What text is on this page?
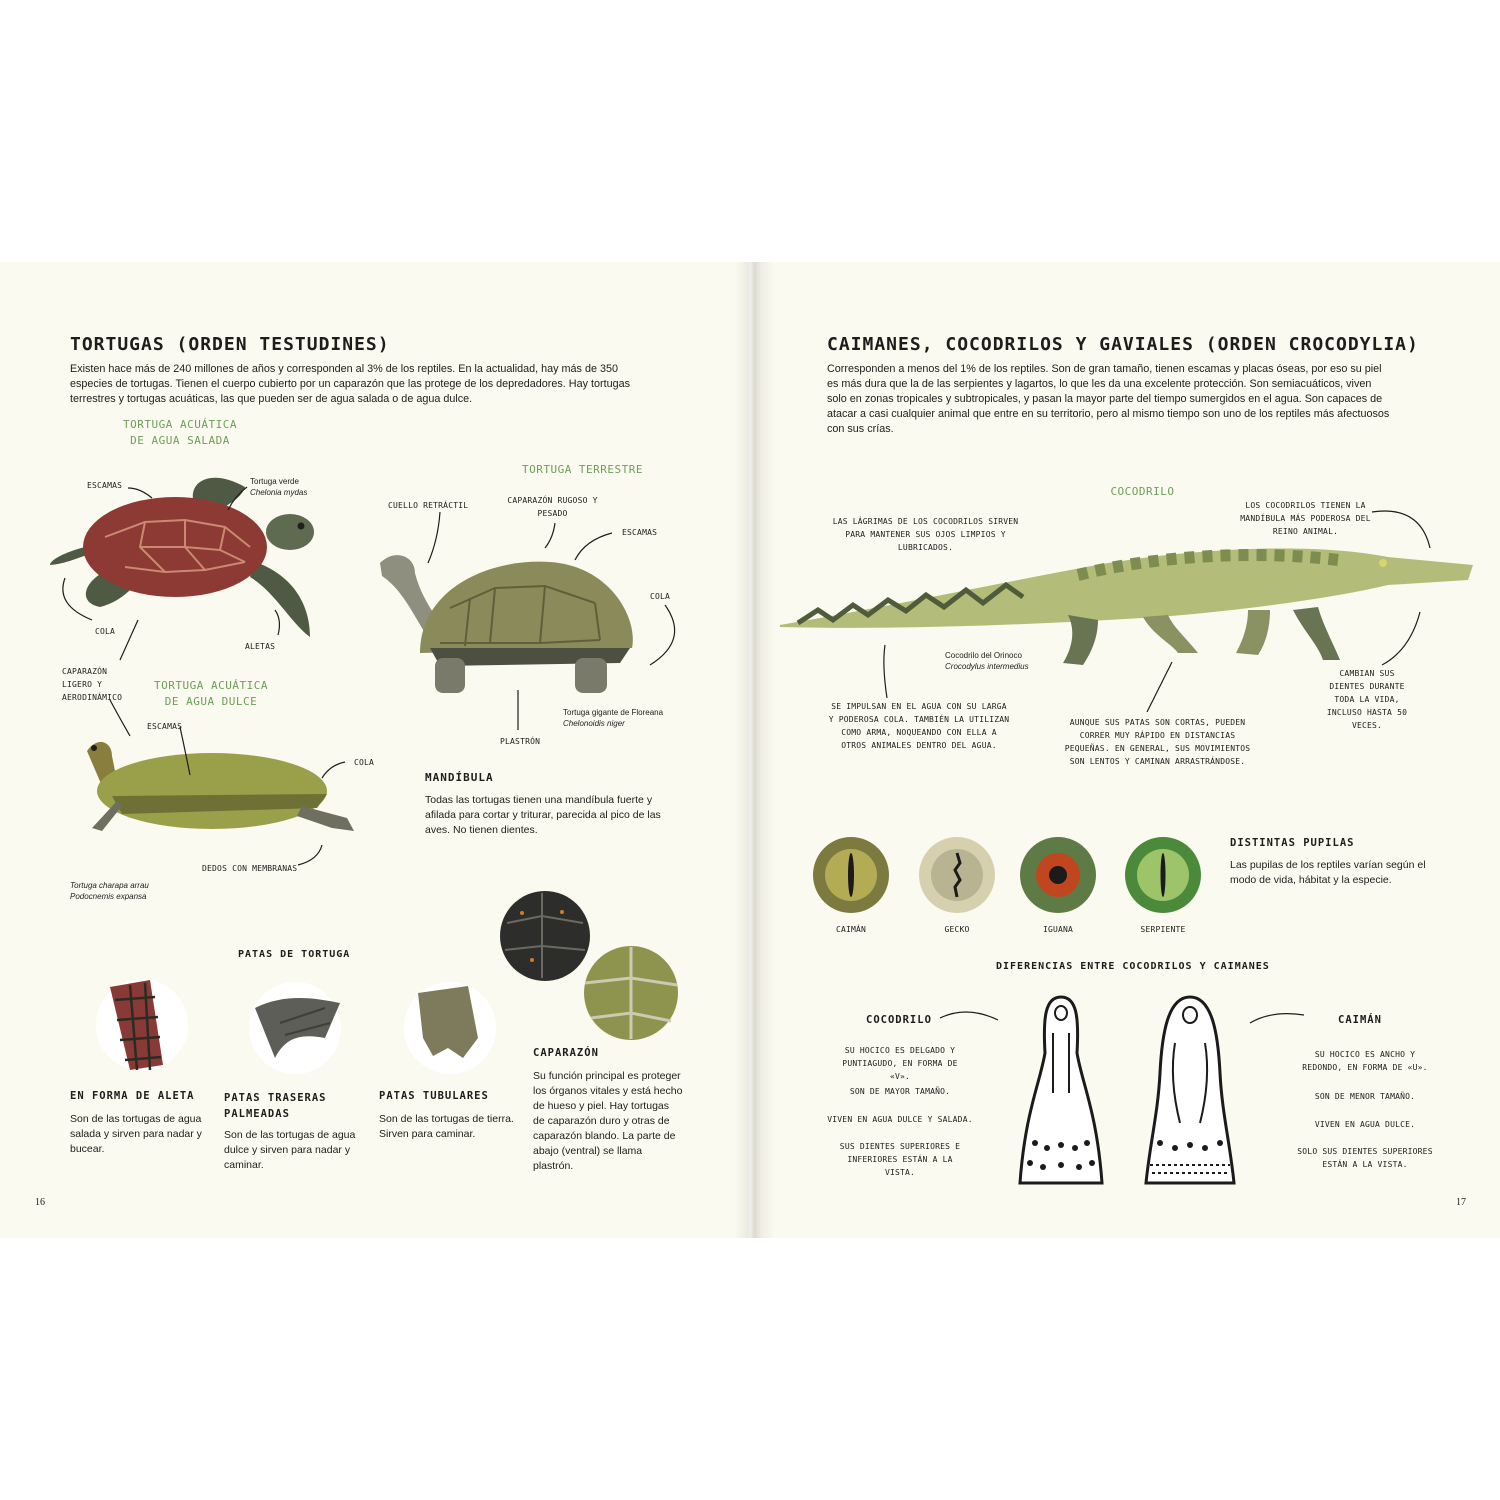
TORTUGAS (ORDEN TESTUDINES)
Existen hace más de 240 millones de años y corresponden al 3% de los reptiles. En la actualidad, hay más de 350 especies de tortugas. Tienen el cuerpo cubierto por un caparazón que las protege de los depredadores. Hay tortugas terrestres y tortugas acuáticas, las que pueden ser de agua salada o de agua dulce.
TORTUGA ACUÁTICA DE AGUA SALADA
ESCAMAS	Tortuga verde
Chelonia mydas
COLA
ALETAS
CAPARAZÓN LIGERO Y AERODINÁMICO
TORTUGA TERRESTRE
CUELLO RETRÁCTIL
CAPARAZÓN RUGOSO Y PESADO
ESCAMAS
COLA
PLASTRÓN
Tortuga gigante de Floreana
Chelonoidis niger
TORTUGA ACUÁTICA DE AGUA DULCE
ESCAMAS
COLA
DEDOS CON MEMBRANAS
Tortuga charapa arrau
Podocnemis expansa
MANDÍBULA
Todas las tortugas tienen una mandíbula fuerte y afilada para cortar y triturar, parecida al pico de las aves. No tienen dientes.
PATAS DE TORTUGA
EN FORMA DE ALETA
Son de las tortugas de agua salada y sirven para nadar y bucear.
PATAS TRASERAS PALMEADAS
Son de las tortugas de agua dulce y sirven para nadar y caminar.
PATAS TUBULARES
Son de las tortugas de tierra. Sirven para caminar.
CAPARAZÓN
Su función principal es proteger los órganos vitales y está hecho de hueso y piel. Hay tortugas de caparazón duro y otras de caparazón blando. La parte de abajo (ventral) se llama plastrón.
16
CAIMANES, COCODRILOS Y GAVIALES (ORDEN CROCODYLIA)
Corresponden a menos del 1% de los reptiles. Son de gran tamaño, tienen escamas y placas óseas, por eso su piel es más dura que la de las serpientes y lagartos, lo que les da una excelente protección. Son semiacuáticos, viven solo en zonas tropicales y subtropicales, y pasan la mayor parte del tiempo sumergidos en el agua. Son capaces de atacar a casi cualquier animal que entre en su territorio, pero al mismo tiempo son uno de los reptiles más afectuosos con sus crías.
COCODRILO
LAS LÁGRIMAS DE LOS COCODRILOS SIRVEN PARA MANTENER SUS OJOS LIMPIOS Y LUBRICADOS.
LOS COCODRILOS TIENEN LA MANDÍBULA MÁS PODEROSA DEL REINO ANIMAL.
Cocodrilo del Orinoco
Crocodylus intermedius
SE IMPULSAN EN EL AGUA CON SU LARGA Y PODEROSA COLA. TAMBIÉN LA UTILIZAN COMO ARMA, NOQUEANDO CON ELLA A OTROS ANIMALES DENTRO DEL AGUA.
AUNQUE SUS PATAS SON CORTAS, PUEDEN CORRER MUY RÁPIDO EN DISTANCIAS PEQUEÑAS. EN GENERAL, SUS MOVIMIENTOS SON LENTOS Y CAMINAN ARRASTRÁNDOSE.
CAMBIAN SUS DIENTES DURANTE TODA LA VIDA, INCLUSO HASTA 50 VECES.
CAIMÁN	GECKO	IGUANA	SERPIENTE
DISTINTAS PUPILAS
Las pupilas de los reptiles varían según el modo de vida, hábitat y la especie.
DIFERENCIAS ENTRE COCODRILOS Y CAIMANES
COCODRILO
SU HOCICO ES DELGADO Y PUNTIAGUDO, EN FORMA DE «V».
SON DE MAYOR TAMAÑO.
VIVEN EN AGUA DULCE Y SALADA.
SUS DIENTES SUPERIORES E INFERIORES ESTÁN A LA VISTA.
CAIMÁN
SU HOCICO ES ANCHO Y REDONDO, EN FORMA DE «U».
SON DE MENOR TAMAÑO.
VIVEN EN AGUA DULCE.
SOLO SUS DIENTES SUPERIORES ESTÁN A LA VISTA.
17
